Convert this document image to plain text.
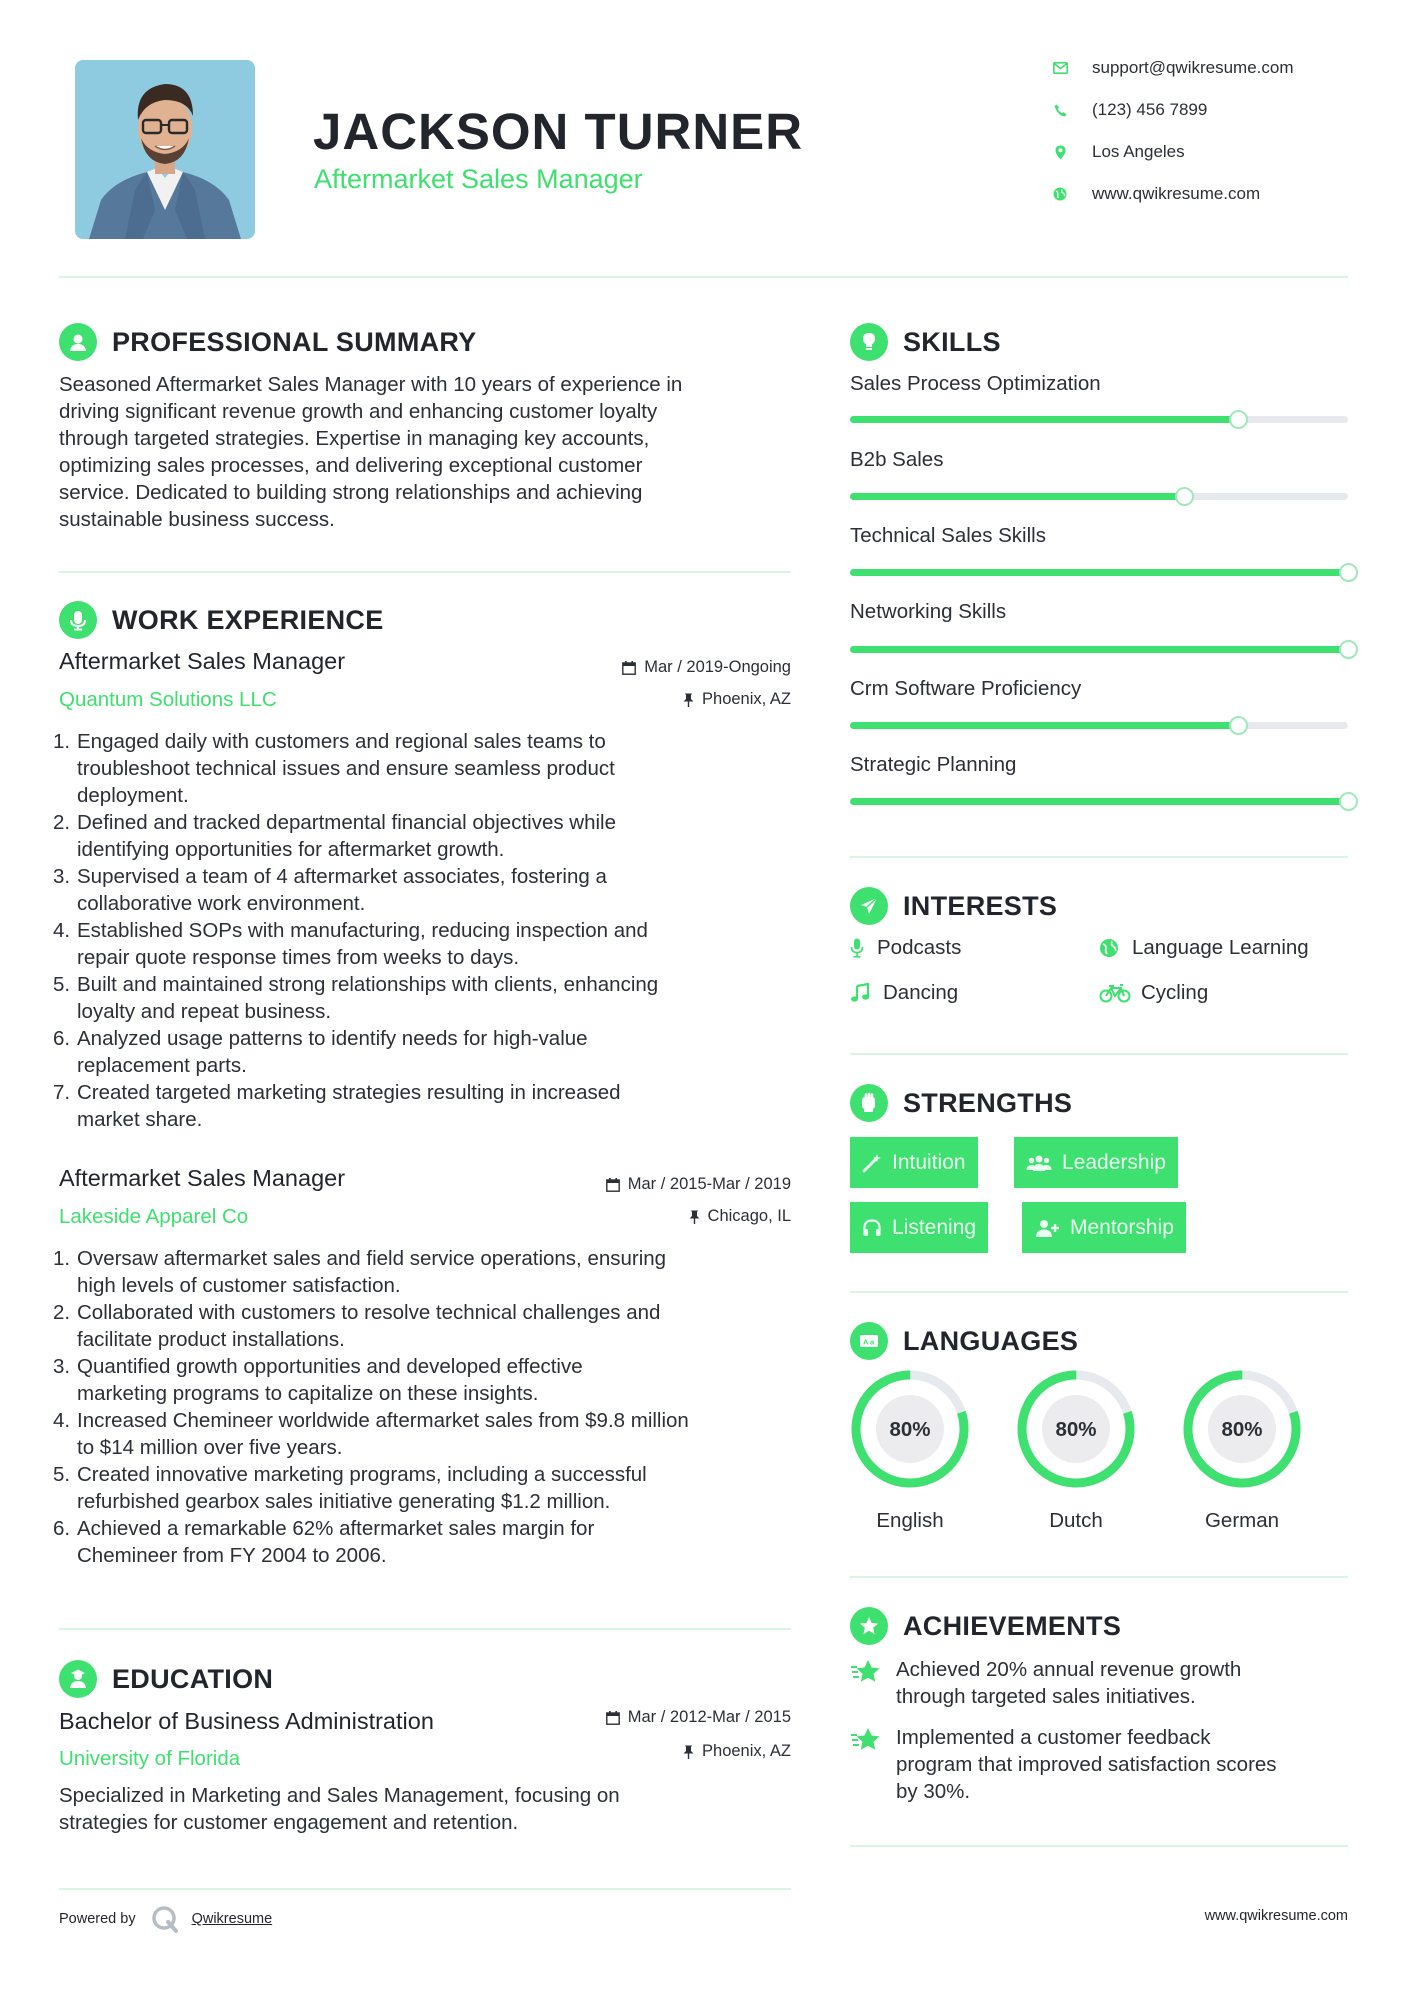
JACKSON TURNER
Aftermarket Sales Manager
support@qwikresume.com
(123) 456 7899
Los Angeles
www.qwikresume.com
PROFESSIONAL SUMMARY
Seasoned Aftermarket Sales Manager with 10 years of experience in
driving significant revenue growth and enhancing customer loyalty
through targeted strategies. Expertise in managing key accounts,
optimizing sales processes, and delivering exceptional customer
service. Dedicated to building strong relationships and achieving
sustainable business success.
WORK EXPERIENCE
Aftermarket Sales Manager
Quantum Solutions LLC
Mar / 2019-Ongoing
Phoenix, AZ
1. Engaged daily with customers and regional sales teams to
troubleshoot technical issues and ensure seamless product
deployment.
2. Defined and tracked departmental financial objectives while
identifying opportunities for aftermarket growth.
3. Supervised a team of 4 aftermarket associates, fostering a
collaborative work environment.
4. Established SOPs with manufacturing, reducing inspection and
repair quote response times from weeks to days.
5. Built and maintained strong relationships with clients, enhancing
loyalty and repeat business.
6. Analyzed usage patterns to identify needs for high-value
replacement parts.
7. Created targeted marketing strategies resulting in increased
market share.
Aftermarket Sales Manager
Lakeside Apparel Co
Mar / 2015-Mar / 2019
Chicago, IL
1. Oversaw aftermarket sales and field service operations, ensuring
high levels of customer satisfaction.
2. Collaborated with customers to resolve technical challenges and
facilitate product installations.
3. Quantified growth opportunities and developed effective
marketing programs to capitalize on these insights.
4. Increased Chemineer worldwide aftermarket sales from $9.8 million
to $14 million over five years.
5. Created innovative marketing programs, including a successful
refurbished gearbox sales initiative generating $1.2 million.
6. Achieved a remarkable 62% aftermarket sales margin for
Chemineer from FY 2004 to 2006.
EDUCATION
Bachelor of Business Administration
University of Florida
Mar / 2012-Mar / 2015
Phoenix, AZ
Specialized in Marketing and Sales Management, focusing on
strategies for customer engagement and retention.
Powered by	Qwikresume	www.qwikresume.com
SKILLS
Sales Process Optimization
B2b Sales
Technical Sales Skills
Networking Skills
Crm Software Proficiency
Strategic Planning
INTERESTS
Podcasts	Language Learning
Dancing	Cycling
STRENGTHS
Intuition	Leadership
Listening	Mentorship
A a LANGUAGES
80%
English
80%
Dutch
80%
German
ACHIEVEMENTS
Achieved 20% annual revenue growth
through targeted sales initiatives.
Implemented a customer feedback
program that improved satisfaction scores
by 30%.
